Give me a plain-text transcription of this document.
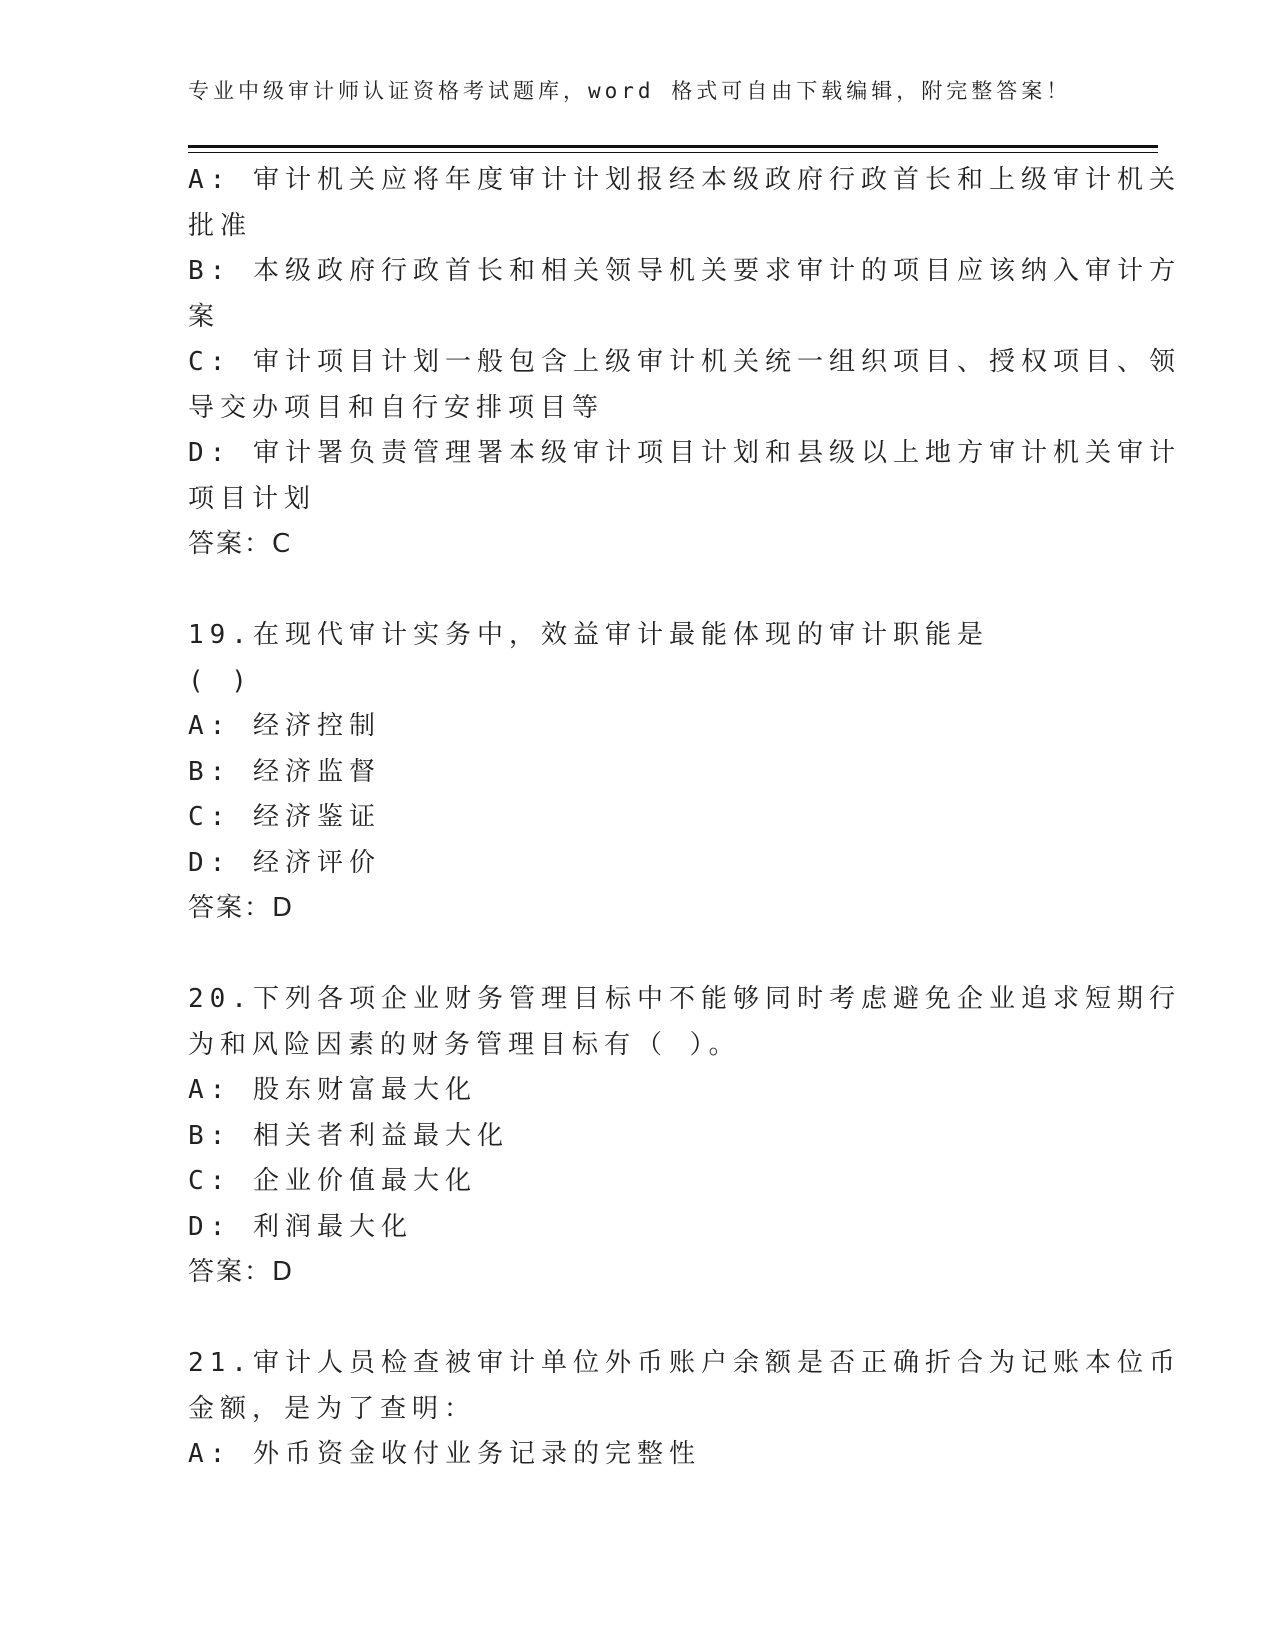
专业中级审计师认证资格考试题库，word 格式可自由下载编辑，附完整答案！
A: 审计机关应将年度审计计划报经本级政府行政首长和上级审计机关
批准
B: 本级政府行政首长和相关领导机关要求审计的项目应该纳入审计方
案
C: 审计项目计划一般包含上级审计机关统一组织项目、授权项目、领
导交办项目和自行安排项目等
D: 审计署负责管理署本级审计项目计划和县级以上地方审计机关审计
项目计划
答案：C
19.在现代审计实务中，效益审计最能体现的审计职能是
( )
A: 经济控制
B: 经济监督
C: 经济鉴证
D: 经济评价
答案：D
20.下列各项企业财务管理目标中不能够同时考虑避免企业追求短期行
为和风险因素的财务管理目标有（ ）。
A: 股东财富最大化
B: 相关者利益最大化
C: 企业价值最大化
D: 利润最大化
答案：D
21.审计人员检查被审计单位外币账户余额是否正确折合为记账本位币
金额，是为了查明：
A: 外币资金收付业务记录的完整性
